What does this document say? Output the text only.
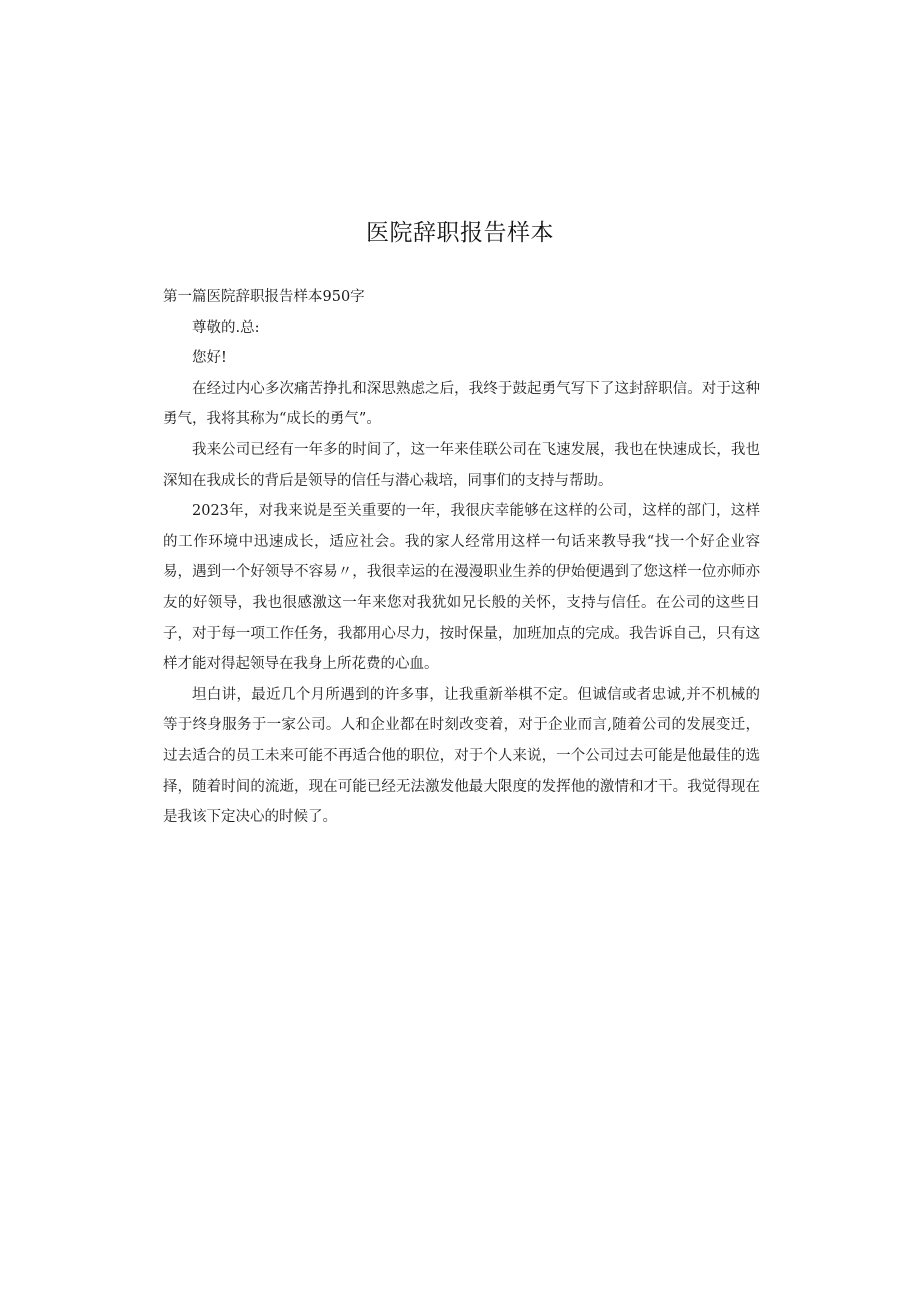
医院辞职报告样本

第一篇医院辞职报告样本950字

尊敬的.总:

您好!

在经过内心多次痛苦挣扎和深思熟虑之后，我终于鼓起勇气写下了这封辞职信。对于这种勇气，我将其称为“成长的勇气”。

我来公司已经有一年多的时间了，这一年来佳联公司在飞速发展，我也在快速成长，我也深知在我成长的背后是领导的信任与潜心栽培，同事们的支持与帮助。

2023年，对我来说是至关重要的一年，我很庆幸能够在这样的公司，这样的部门，这样的工作环境中迅速成长，适应社会。我的家人经常用这样一句话来教导我“找一个好企业容易，遇到一个好领导不容易〃，我很幸运的在漫漫职业生养的伊始便遇到了您这样一位亦师亦友的好领导，我也很感激这一年来您对我犹如兄长般的关怀，支持与信任。在公司的这些日子，对于每一项工作任务，我都用心尽力，按时保量，加班加点的完成。我告诉自己，只有这样才能对得起领导在我身上所花费的心血。

坦白讲，最近几个月所遇到的许多事，让我重新举棋不定。但诚信或者忠诚,并不机械的等于终身服务于一家公司。人和企业都在时刻改变着，对于企业而言,随着公司的发展变迁，过去适合的员工未来可能不再适合他的职位，对于个人来说，一个公司过去可能是他最佳的选择，随着时间的流逝，现在可能已经无法激发他最大限度的发挥他的激情和才干。我觉得现在是我该下定决心的时候了。
